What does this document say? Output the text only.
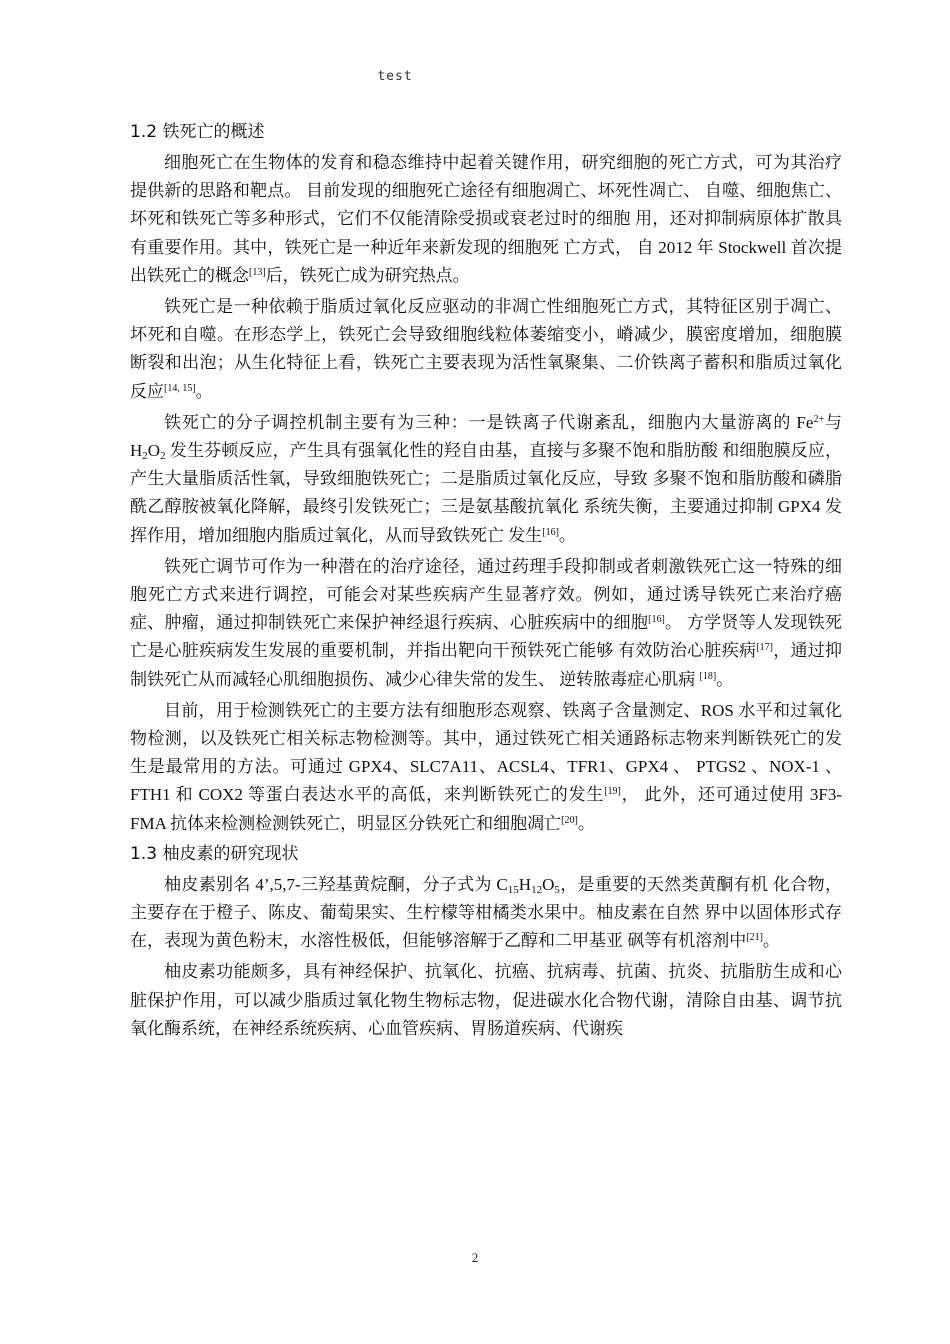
test
1.2 铁死亡的概述

细胞死亡在生物体的发育和稳态维持中起着关键作用，研究细胞的死亡方式，可为其治疗提供新的思路和靶点。 目前发现的细胞死亡途径有细胞凋亡、坏死性凋亡、 自噬、细胞焦亡、坏死和铁死亡等多种形式，它们不仅能清除受损或衰老过时的细胞 用，还对抑制病原体扩散具有重要作用。其中，铁死亡是一种近年来新发现的细胞死 亡方式， 自 2012 年 Stockwell 首次提出铁死亡的概念[13]后，铁死亡成为研究热点。

铁死亡是一种依赖于脂质过氧化反应驱动的非凋亡性细胞死亡方式，其特征区别于凋亡、坏死和自噬。在形态学上，铁死亡会导致细胞线粒体萎缩变小，嵴减少，膜密度增加，细胞膜断裂和出泡；从生化特征上看，铁死亡主要表现为活性氧聚集、二价铁离子蓄积和脂质过氧化反应[14, 15]。

铁死亡的分子调控机制主要有为三种：一是铁离子代谢紊乱，细胞内大量游离的 $Fe^{2+}$与 $H_2O_2$ 发生芬顿反应，产生具有强氧化性的羟自由基，直接与多聚不饱和脂肪酸 和细胞膜反应，产生大量脂质活性氧，导致细胞铁死亡；二是脂质过氧化反应，导致 多聚不饱和脂肪酸和磷脂酰乙醇胺被氧化降解，最终引发铁死亡；三是氨基酸抗氧化 系统失衡，主要通过抑制 GPX4 发挥作用，增加细胞内脂质过氧化，从而导致铁死亡 发生[16]。

铁死亡调节可作为一种潜在的治疗途径，通过药理手段抑制或者刺激铁死亡这一特殊的细胞死亡方式来进行调控，可能会对某些疾病产生显著疗效。例如，通过诱导铁死亡来治疗癌症、肿瘤，通过抑制铁死亡来保护神经退行疾病、心脏疾病中的细胞[16]。 方学贤等人发现铁死亡是心脏疾病发生发展的重要机制，并指出靶向干预铁死亡能够 有效防治心脏疾病[17]，通过抑制铁死亡从而减轻心肌细胞损伤、减少心律失常的发生、 逆转脓毒症心肌病 [18]。

目前，用于检测铁死亡的主要方法有细胞形态观察、铁离子含量测定、ROS 水平和过氧化物检测，以及铁死亡相关标志物检测等。其中，通过铁死亡相关通路标志物来判断铁死亡的发生是最常用的方法。可通过 GPX4、SLC7A11、ACSL4、TFR1、GPX4 、 PTGS2 、NOX-1 、FTH1 和 COX2 等蛋白表达水平的高低，来判断铁死亡的发生[19]， 此外，还可通过使用 3F3-FMA 抗体来检测检测铁死亡，明显区分铁死亡和细胞凋亡[20]。

1.3 柚皮素的研究现状

柚皮素别名 4’,5,7-三羟基黄烷酮，分子式为 $C_{15}H_{12}O_5$，是重要的天然类黄酮有机 化合物，主要存在于橙子、陈皮、葡萄果实、生柠檬等柑橘类水果中。柚皮素在自然 界中以固体形式存在，表现为黄色粉末，水溶性极低，但能够溶解于乙醇和二甲基亚 砜等有机溶剂中[21]。

柚皮素功能颇多，具有神经保护、抗氧化、抗癌、抗病毒、抗菌、抗炎、抗脂肪生成和心脏保护作用，可以减少脂质过氧化物生物标志物，促进碳水化合物代谢，清除自由基、调节抗氧化酶系统，在神经系统疾病、心血管疾病、胃肠道疾病、代谢疾

2
